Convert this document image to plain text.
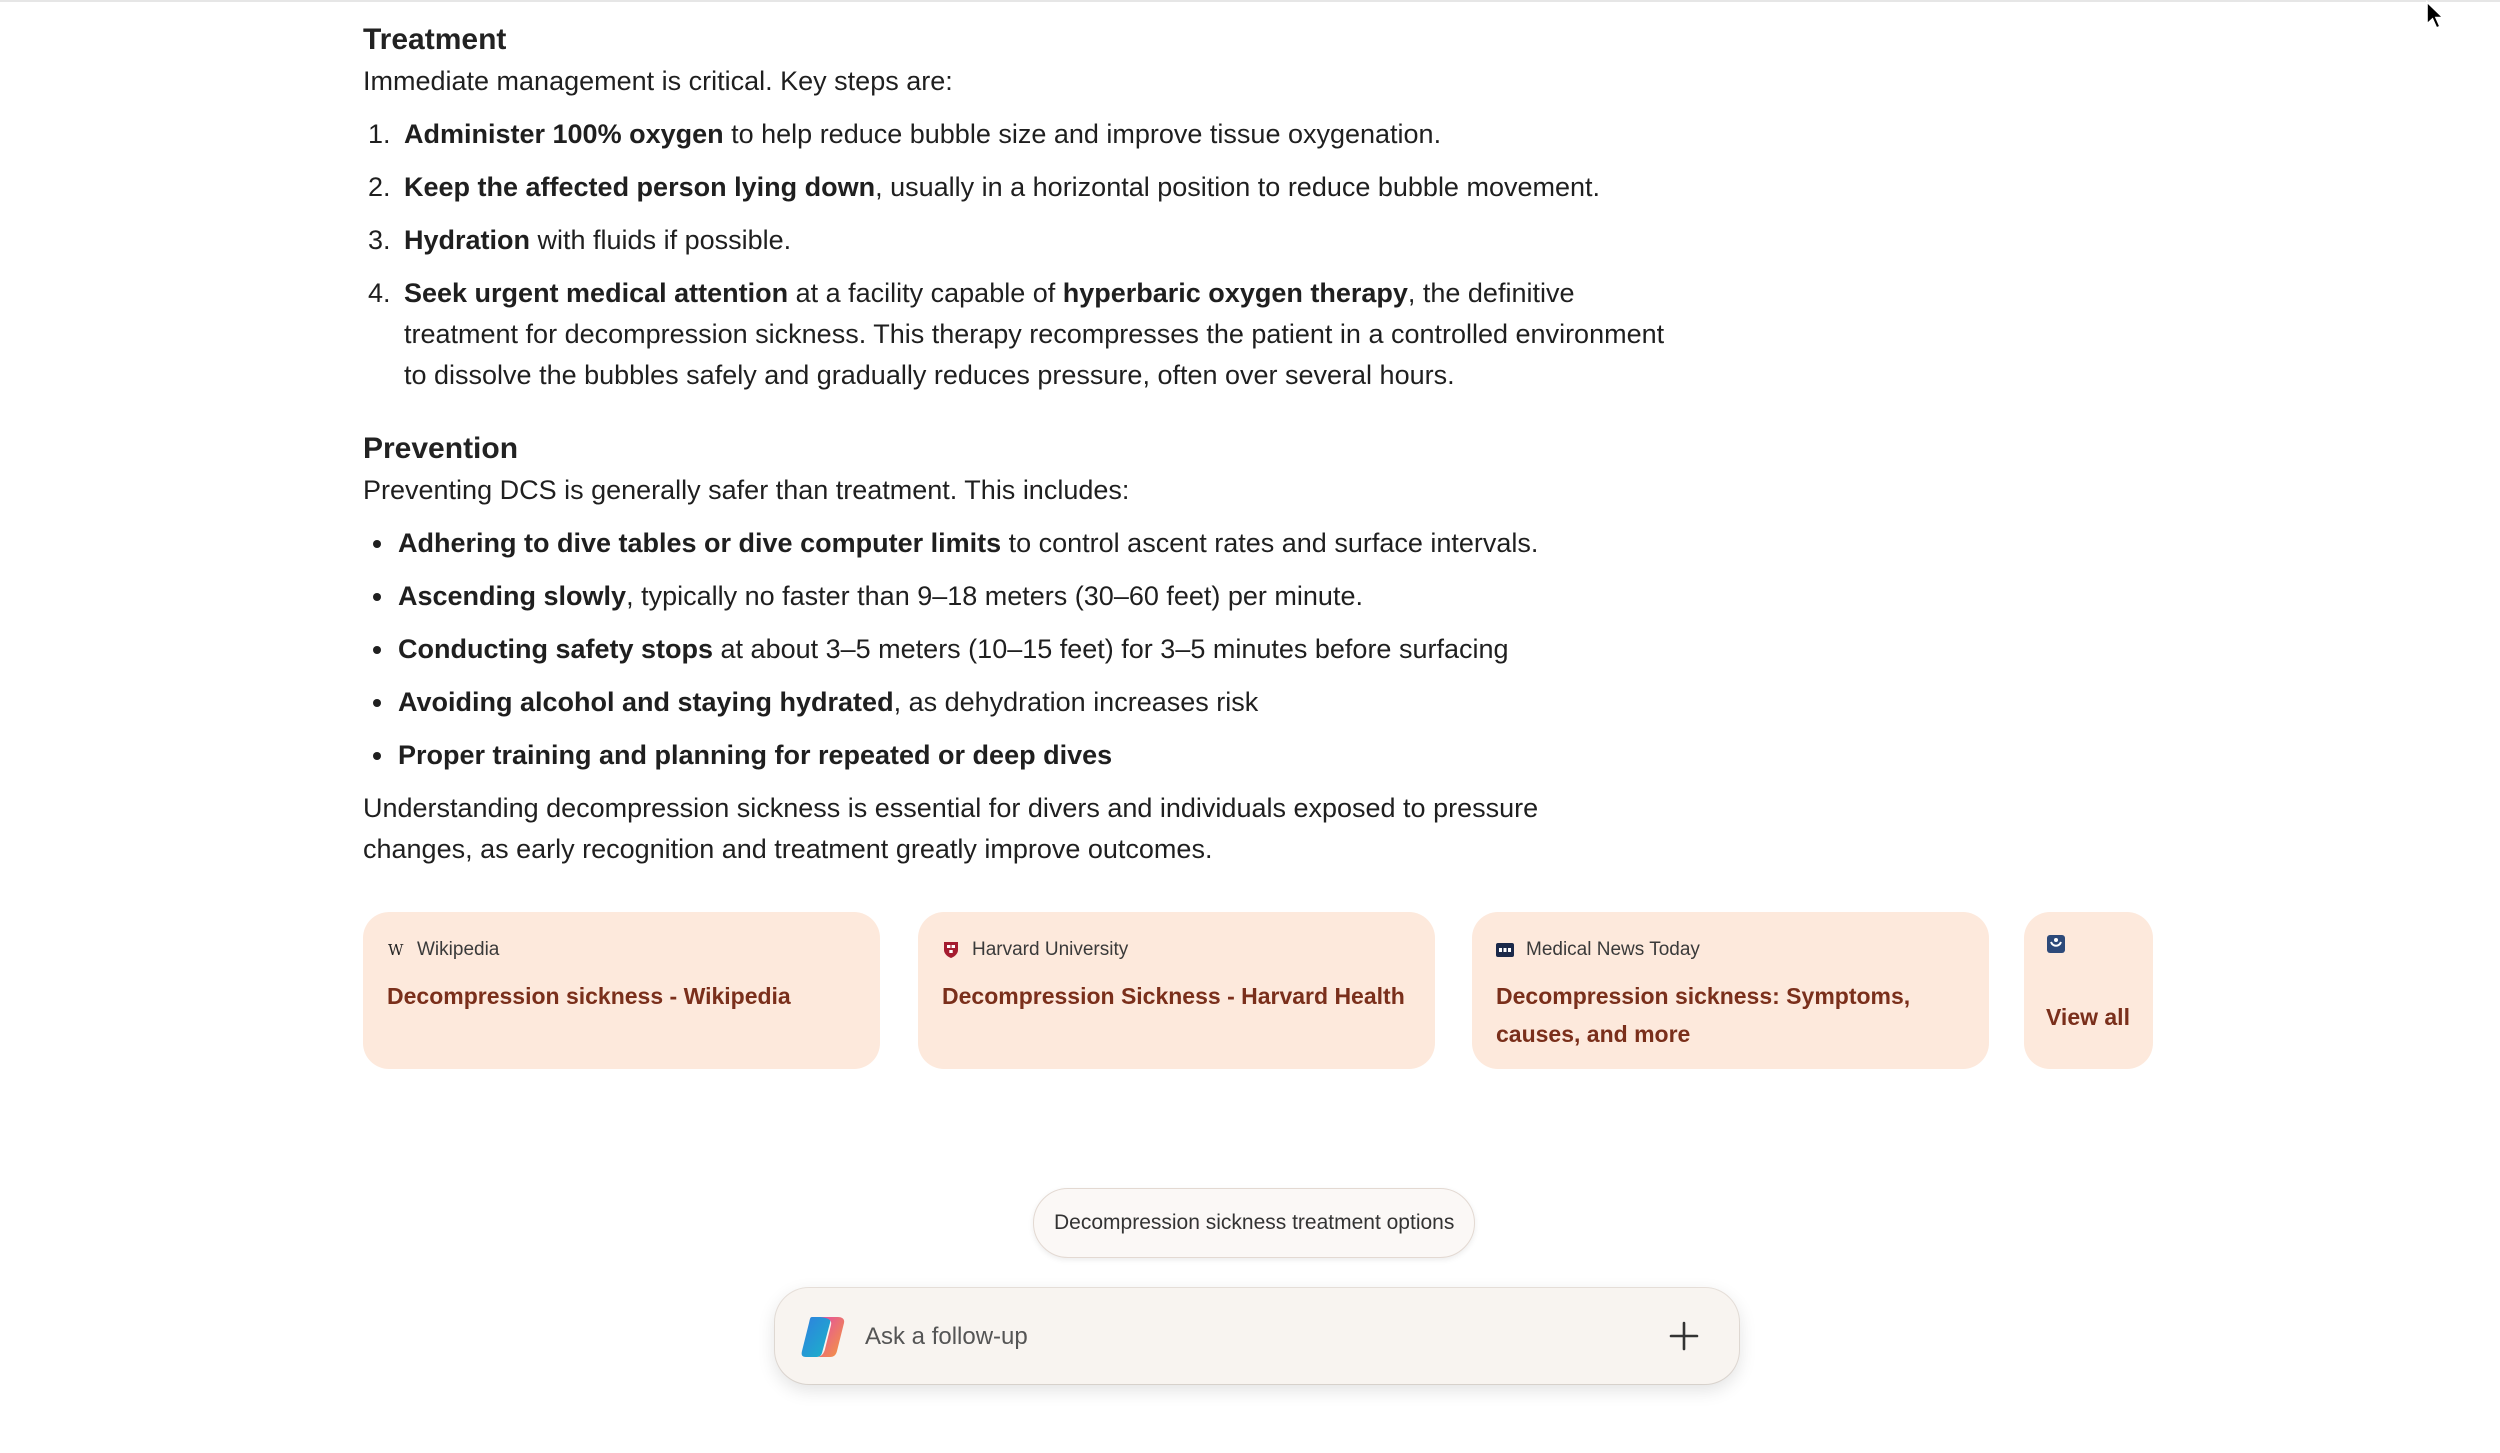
Treatment

Immediate management is critical. Key steps are:

1. Administer 100% oxygen to help reduce bubble size and improve tissue oxygenation.
2. Keep the affected person lying down, usually in a horizontal position to reduce bubble movement.
3. Hydration with fluids if possible.
4. Seek urgent medical attention at a facility capable of hyperbaric oxygen therapy, the definitive treatment for decompression sickness. This therapy recompresses the patient in a controlled environment to dissolve the bubbles safely and gradually reduces pressure, often over several hours.
Prevention

Preventing DCS is generally safer than treatment. This includes:

Adhering to dive tables or dive computer limits to control ascent rates and surface intervals.
Ascending slowly, typically no faster than 9–18 meters (30–60 feet) per minute.
Conducting safety stops at about 3–5 meters (10–15 feet) for 3–5 minutes before surfacing
Avoiding alcohol and staying hydrated, as dehydration increases risk
Proper training and planning for repeated or deep dives

Understanding decompression sickness is essential for divers and individuals exposed to pressure changes, as early recognition and treatment greatly improve outcomes.

W Wikipedia
Decompression sickness - Wikipedia
Harvard University
Decompression Sickness - Harvard Health
Medical News Today
Decompression sickness: Symptoms, causes, and more
View all
Decompression sickness treatment options
Ask a follow-up
